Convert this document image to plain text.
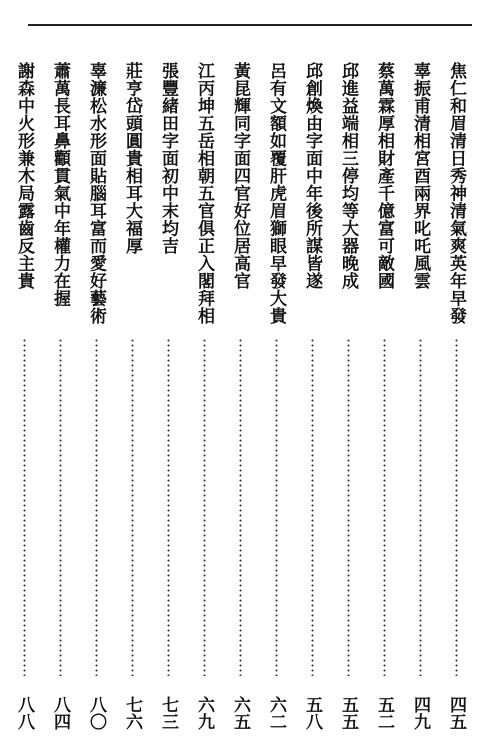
焦仁和眉清日秀神清氣爽英年早發
四五
辜振甫清相宮酉兩界叱吒風雲
四九
蔡萬霖厚相財產千億富可敵國
五二
邱進益端相三停均等大器晚成
五五
邱創煥由字面中年後所謀皆遂
五八
呂有文額如覆肝虎眉獅眼早發大貴
六二
黃昆輝同字面四官好位居高官
六五
江丙坤五岳相朝五官俱正入閣拜相
六九
張豐緒田字面初中末均吉
七三
莊亨岱頭圓貴相耳大福厚
七六
辜濂松水形面貼腦耳富而愛好藝術
八〇
蕭萬長耳鼻顴貫氣中年權力在握
八四
謝森中火形兼木局露齒反主貴
八八
